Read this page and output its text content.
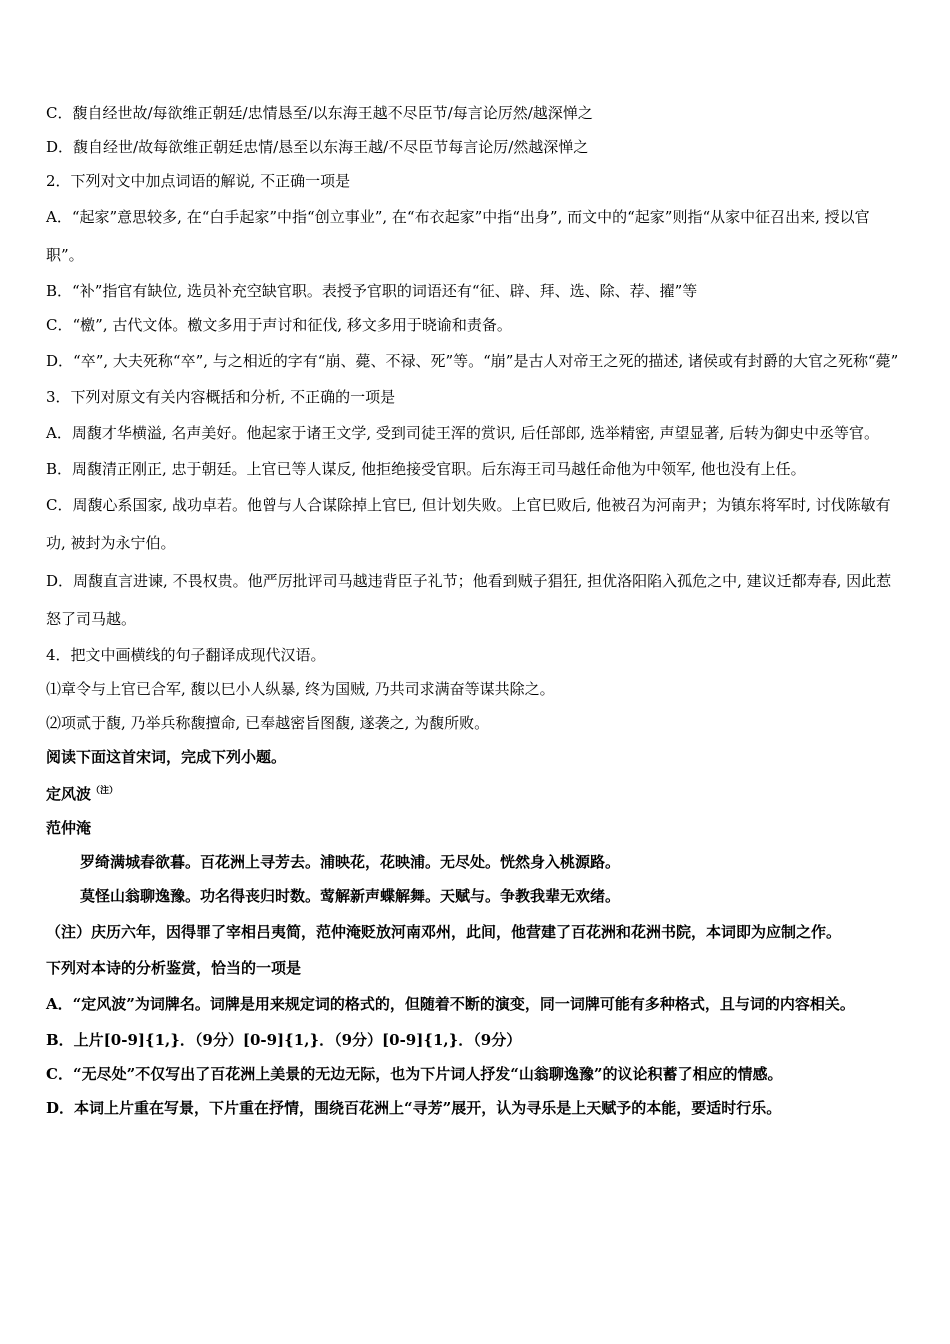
C．馥自经世故/每欲维正朝廷/忠情恳至/以东海王越不尽臣节/每言论厉然/越深惮之

D．馥自经世/故每欲维正朝廷忠情/恳至以东海王越/不尽臣节每言论厉/然越深惮之

2．下列对文中加点词语的解说, 不正确一项是

A．“起家”意思较多, 在“白手起家”中指“创立事业”, 在“布衣起家”中指“出身”, 而文中的“起家”则指“从家中征召出来, 授以官职”。

B．“补”指官有缺位, 选员补充空缺官职。表授予官职的词语还有“征、辟、拜、选、除、荐、擢”等

C．“檄”, 古代文体。檄文多用于声讨和征伐, 移文多用于晓谕和责备。

D．“卒”, 大夫死称“卒”, 与之相近的字有“崩、薨、不禄、死”等。“崩”是古人对帝王之死的描述, 诸侯或有封爵的大官之死称“薨”

3．下列对原文有关内容概括和分析, 不正确的一项是

A．周馥才华横溢, 名声美好。他起家于诸王文学, 受到司徒王浑的赏识, 后任部郎, 选举精密, 声望显著, 后转为御史中丞等官。

B．周馥清正刚正, 忠于朝廷。上官已等人谋反, 他拒绝接受官职。后东海王司马越任命他为中领军, 他也没有上任。

C．周馥心系国家, 战功卓若。他曾与人合谋除掉上官巳, 但计划失败。上官巳败后, 他被召为河南尹；为镇东将军时, 讨伐陈敏有功, 被封为永宁伯。

D．周馥直言进谏, 不畏权贵。他严厉批评司马越违背臣子礼节；他看到贼子猖狂, 担优洛阳陷入孤危之中, 建议迁都寿春, 因此惹怒了司马越。

4．把文中画横线的句子翻译成现代汉语。

⑴章令与上官已合军, 馥以巳小人纵暴, 终为国贼, 乃共司求满奋等谋共除之。

⑵项贰于馥, 乃举兵称馥擅命, 已奉越密旨图馥, 遂袭之, 为馥所败。

阅读下面这首宋词，完成下列小题。

定风波$^{(注)}$

范仲淹

罗绮满城春欲暮。百花洲上寻芳去。浦映花，花映浦。无尽处。恍然身入桃源路。

莫怪山翁聊逸豫。功名得丧归时数。莺解新声蝶解舞。天赋与。争教我辈无欢绪。

（注）庆历六年，因得罪了宰相吕夷简，范仲淹贬放河南邓州，此间，他营建了百花洲和花洲书院，本词即为应制之作。

下列对本诗的分析鉴赏，恰当的一项是

A．“定风波”为词牌名。词牌是用来规定词的格式的，但随着不断的演变，同一词牌可能有多种格式，且与词的内容相关。

B．上片[0-9]{1,}．（9分）[0-9]{1,}．（9分）[0-9]{1,}．（9分）

C．“无尽处”不仅写出了百花洲上美景的无边无际，也为下片词人抒发“山翁聊逸豫”的议论积蓄了相应的情感。

D．本词上片重在写景，下片重在抒情，围绕百花洲上“寻芳”展开，认为寻乐是上天赋予的本能，要适时行乐。
